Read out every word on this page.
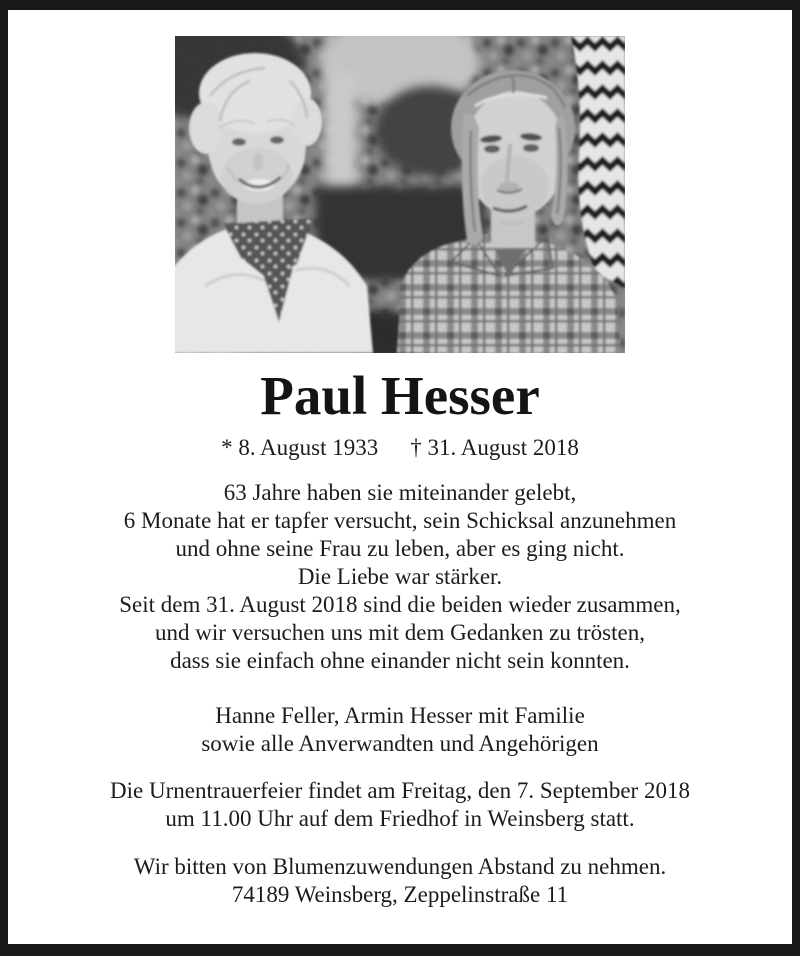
Paul Hesser
* 8. August 1933 † 31. August 2018
63 Jahre haben sie miteinander gelebt,
6 Monate hat er tapfer versucht, sein Schicksal anzunehmen
und ohne seine Frau zu leben, aber es ging nicht.
Die Liebe war stärker.
Seit dem 31. August 2018 sind die beiden wieder zusammen,
und wir versuchen uns mit dem Gedanken zu trösten,
dass sie einfach ohne einander nicht sein konnten.
Hanne Feller, Armin Hesser mit Familie
sowie alle Anverwandten und Angehörigen
Die Urnentrauerfeier findet am Freitag, den 7. September 2018
um 11.00 Uhr auf dem Friedhof in Weinsberg statt.
Wir bitten von Blumenzuwendungen Abstand zu nehmen.
74189 Weinsberg, Zeppelinstraße 11
